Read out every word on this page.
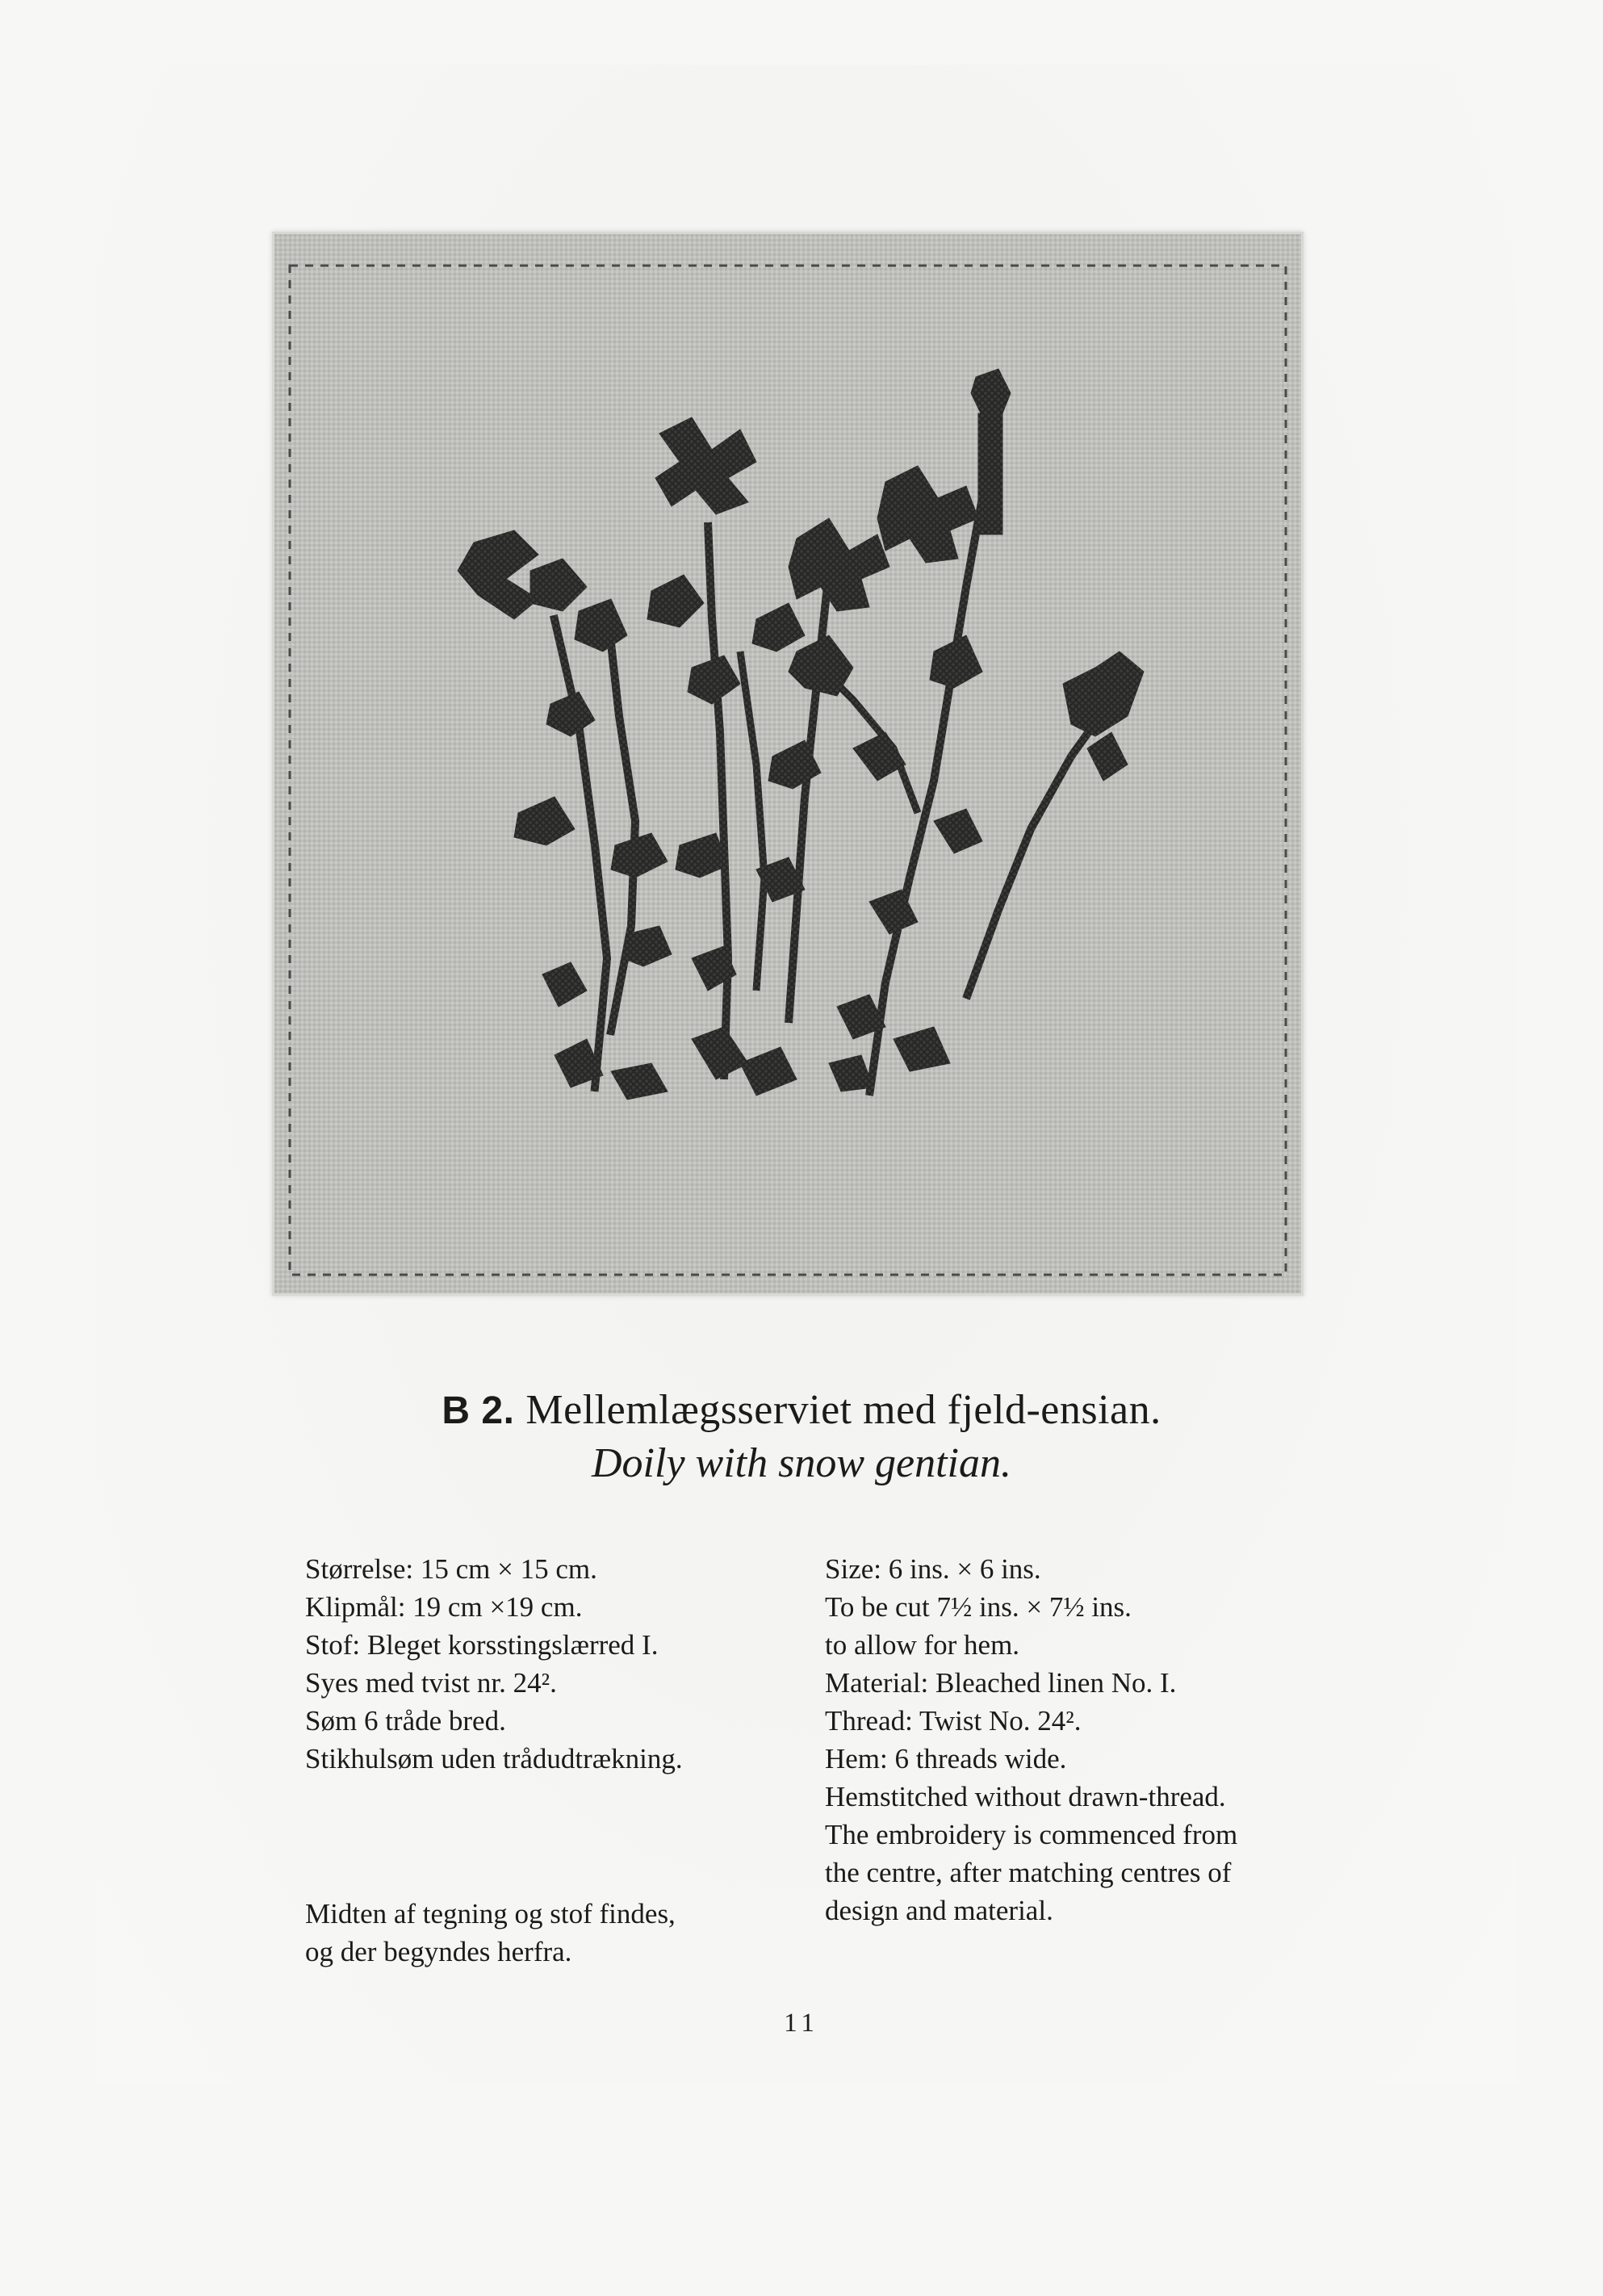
B 2. Mellemlægsserviet med fjeld-ensian.
Doily with snow gentian.

Størrelse: 15 cm × 15 cm.

Klipmål: 19 cm ×19 cm.

Stof: Bleget korsstingslærred I.

Syes med tvist nr. 24².

Søm 6 tråde bred.

Stikhulsøm uden trådudtrækning.

Midten af tegning og stof findes,

og der begyndes herfra.

Size: 6 ins. × 6 ins.

To be cut 7½ ins. × 7½ ins.

to allow for hem.

Material: Bleached linen No. I.

Thread: Twist No. 24².

Hem: 6 threads wide.

Hemstitched without drawn-thread.

The embroidery is commenced from

the centre, after matching centres of

design and material.

11
